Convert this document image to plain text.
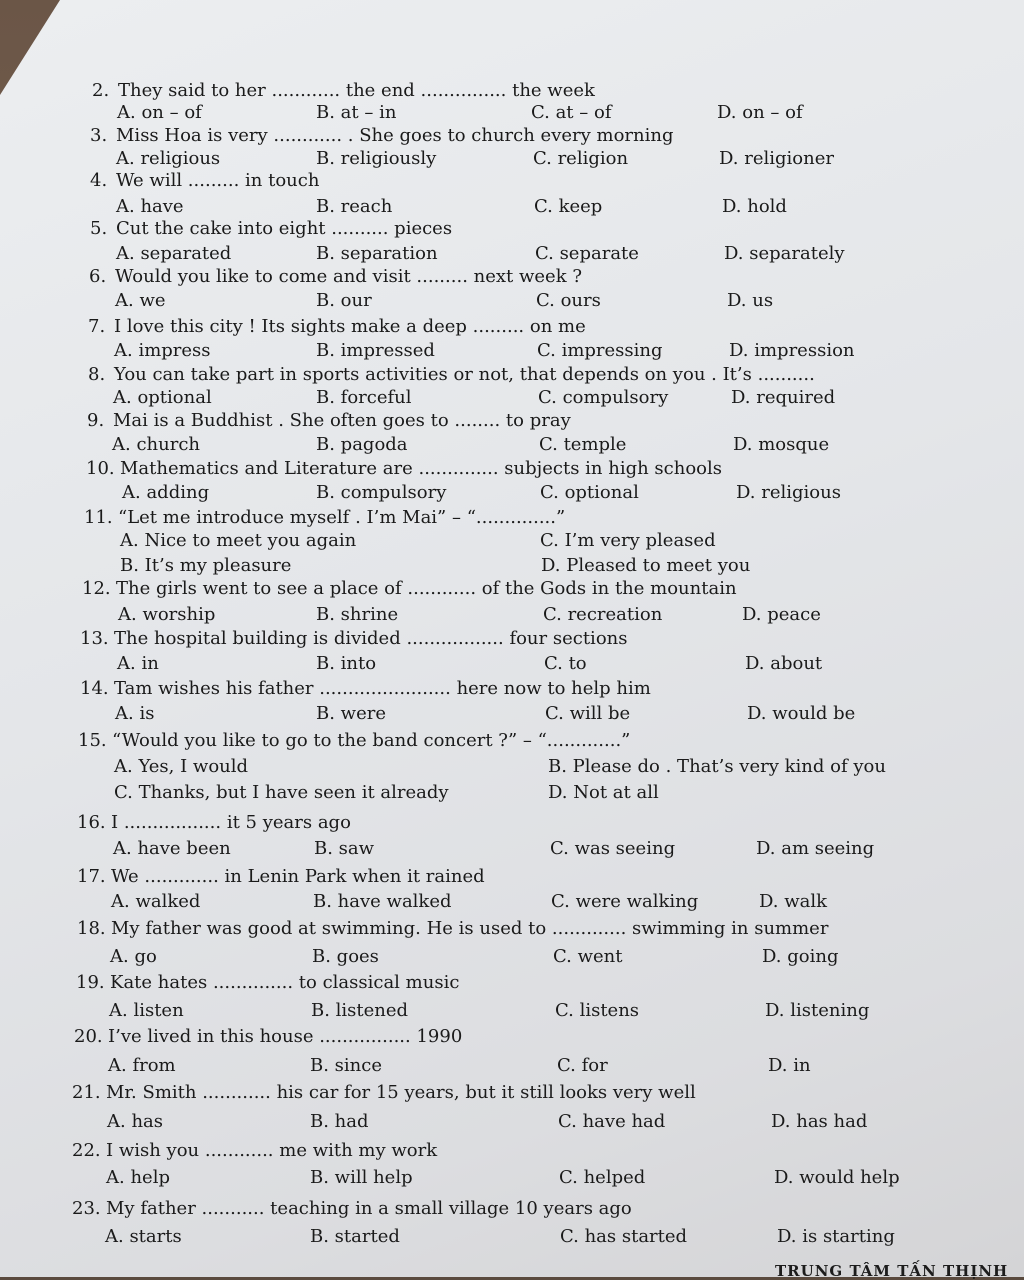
2. They said to her ............ the end ............... the week
A. on – of	B. at – in	C. at – of	D. on – of
3. Miss Hoa is very ............ . She goes to church every morning
A. religious	B. religiously	C. religion	D. religioner
4. We will ......... in touch
A. have	B. reach	C. keep	D. hold
5. Cut the cake into eight .......... pieces
A. separated	B. separation	C. separate	D. separately
6. Would you like to come and visit ......... next week ?
A. we	B. our	C. ours	D. us
7. I love this city ! Its sights make a deep ......... on me
A. impress	B. impressed	C. impressing	D. impression
8. You can take part in sports activities or not, that depends on you . It’s ..........
A. optional	B. forceful	C. compulsory	D. required
9. Mai is a Buddhist . She often goes to ........ to pray
A. church	B. pagoda	C. temple	D. mosque
10. Mathematics and Literature are .............. subjects in high schools
A. adding	B. compulsory	C. optional	D. religious
11. “Let me introduce myself . I’m Mai” – “..............”
A. Nice to meet you again	C. I’m very pleased
B. It’s my pleasure	D. Pleased to meet you
12. The girls went to see a place of ............ of the Gods in the mountain
A. worship	B. shrine	C. recreation	D. peace
13. The hospital building is divided ................. four sections
A. in	B. into	C. to	D. about
14. Tam wishes his father ....................... here now to help him
A. is	B. were	C. will be	D. would be
15. “Would you like to go to the band concert ?” – “.............”
A. Yes, I would	B. Please do . That’s very kind of you
C. Thanks, but I have seen it already	D. Not at all
16. I ................. it 5 years ago
A. have been	B. saw	C. was seeing	D. am seeing
17. We ............. in Lenin Park when it rained
A. walked	B. have walked	C. were walking	D. walk
18. My father was good at swimming. He is used to ............. swimming in summer
A. go	B. goes	C. went	D. going
19. Kate hates .............. to classical music
A. listen	B. listened	C. listens	D. listening
20. I’ve lived in this house ................ 1990
A. from	B. since	C. for	D. in
21. Mr. Smith ............ his car for 15 years, but it still looks very well
A. has	B. had	C. have had	D. has had
22. I wish you ............ me with my work
A. help	B. will help	C. helped	D. would help
23. My father ........... teaching in a small village 10 years ago
A. starts	B. started	C. has started	D. is starting
TRUNG TÂM TẤN THỊNH
